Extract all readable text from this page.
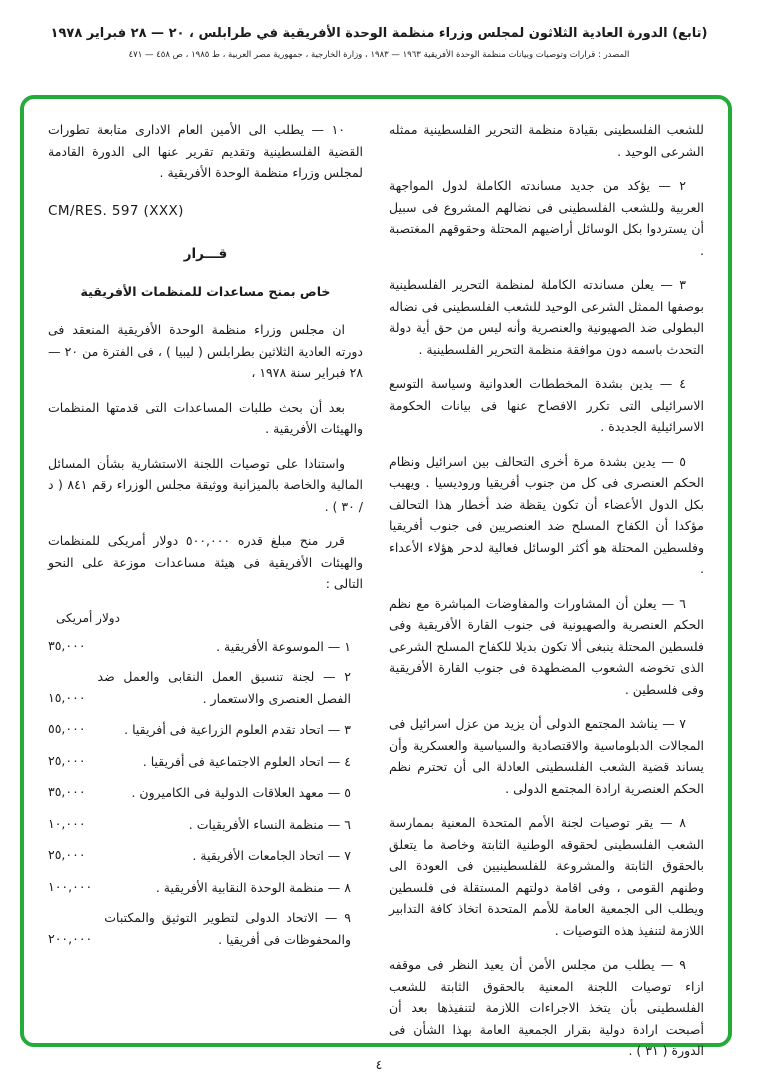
(تابع) الدورة العادية الثلاثون لمجلس وزراء منظمة الوحدة الأفريقية في طرابلس ، ٢٠ — ٢٨ فبراير ١٩٧٨
المصدر : قرارات وتوصيات وبيانات منظمة الوحدة الأفريقية ١٩٦٣ — ١٩٨٣ ، وزارة الخارجية ، جمهورية مصر العربية ، ط ١٩٨٥ ، ص ٤٥٨ — ٤٧١

للشعب الفلسطينى بقيادة منظمة التحرير الفلسطينية ممثله الشرعى الوحيد .

٢ — يؤكد من جديد مساندته الكاملة لدول المواجهة العربية وللشعب الفلسطينى فى نضالهم المشروع فى سبيل أن يستردوا بكل الوسائل أراضيهم المحتلة وحقوقهم المغتصبة .

٣ — يعلن مساندته الكاملة لمنظمة التحرير الفلسطينية بوصفها الممثل الشرعى الوحيد للشعب الفلسطينى فى نضاله البطولى ضد الصهيونية والعنصرية وأنه ليس من حق أية دولة التحدث باسمه دون موافقة منظمة التحرير الفلسطينية .

٤ — يدين بشدة المخططات العدوانية وسياسة التوسع الاسرائيلى التى تكرر الافصاح عنها فى بيانات الحكومة الاسرائيلية الجديدة .

٥ — يدين بشدة مرة أخرى التحالف بين اسرائيل ونظام الحكم العنصرى فى كل من جنوب أفريقيا وروديسيا . ويهيب بكل الدول الأعضاء أن تكون يقظة ضد أخطار هذا التحالف مؤكدا أن الكفاح المسلح ضد العنصريين فى جنوب أفريقيا وفلسطين المحتلة هو أكثر الوسائل فعالية لدحر هؤلاء الأعداء .

٦ — يعلن أن المشاورات والمفاوضات المباشرة مع نظم الحكم العنصرية والصهيونية فى جنوب القارة الأفريقية وفى فلسطين المحتلة ينبغى ألا تكون بديلا للكفاح المسلح الشرعى الذى تخوضه الشعوب المضطهدة فى جنوب القارة الأفريقية وفى فلسطين .

٧ — يناشد المجتمع الدولى أن يزيد من عزل اسرائيل فى المجالات الدبلوماسية والاقتصادية والسياسية والعسكرية وأن يساند قضية الشعب الفلسطينى العادلة الى أن تحترم نظم الحكم العنصرية ارادة المجتمع الدولى .

٨ — يقر توصيات لجنة الأمم المتحدة المعنية بممارسة الشعب الفلسطينى لحقوقه الوطنية الثابتة وخاصة ما يتعلق بالحقوق الثابتة والمشروعة للفلسطينيين فى العودة الى وطنهم القومى ، وفى اقامة دولتهم المستقلة فى فلسطين ويطلب الى الجمعية العامة للأمم المتحدة اتخاذ كافة التدابير اللازمة لتنفيذ هذه التوصيات .

٩ — يطلب من مجلس الأمن أن يعيد النظر فى موقفه ازاء توصيات اللجنة المعنية بالحقوق الثابتة للشعب الفلسطينى بأن يتخذ الاجراءات اللازمة لتنفيذها بعد أن أصبحت ارادة دولية بقرار الجمعية العامة بهذا الشأن فى الدورة ( ٣١ ) .

١٠ — يطلب الى الأمين العام الادارى متابعة تطورات القضية الفلسطينية وتقديم تقرير عنها الى الدورة القادمة لمجلس وزراء منظمة الوحدة الأفريقية .

CM/RES. 597 (XXX)
قـــرار
خاص بمنح مساعدات للمنظمات الأفريقية

ان مجلس وزراء منظمة الوحدة الأفريقية المنعقد فى دورته العادية الثلاثين بطرابلس ( ليبيا ) ، فى الفترة من ٢٠ — ٢٨ فبراير سنة ١٩٧٨ ،

بعد أن بحث طلبات المساعدات التى قدمتها المنظمات والهيئات الأفريقية .

واستنادا على توصيات اللجنة الاستشارية بشأن المسائل المالية والخاصة بالميزانية ووثيقة مجلس الوزراء رقم ٨٤١ ( د / ٣٠ ) .

قرر منح مبلغ قدره ٥٠٠,٠٠٠ دولار أمريكى للمنظمات والهيئات الأفريقية فى هيئة مساعدات موزعة على النحو التالى :

دولار أمريكى
١ — الموسوعة الأفريقية .
٣٥,٠٠٠
٢ — لجنة تنسيق العمل النقابى والعمل ضد الفصل العنصرى والاستعمار .
١٥,٠٠٠
٣ — اتحاد تقدم العلوم الزراعية فى أفريقيا .
٥٥,٠٠٠
٤ — اتحاد العلوم الاجتماعية فى أفريقيا .
٢٥,٠٠٠
٥ — معهد العلاقات الدولية فى الكاميرون .
٣٥,٠٠٠
٦ — منظمة النساء الأفريقيات .
١٠,٠٠٠
٧ — اتحاد الجامعات الأفريقية .
٢٥,٠٠٠
٨ — منظمة الوحدة النقابية الأفريقية .
١٠٠,٠٠٠
٩ — الاتحاد الدولى لتطوير التوثيق والمكتبات والمحفوظات فى أفريقيا .
٢٠٠,٠٠٠
٤
